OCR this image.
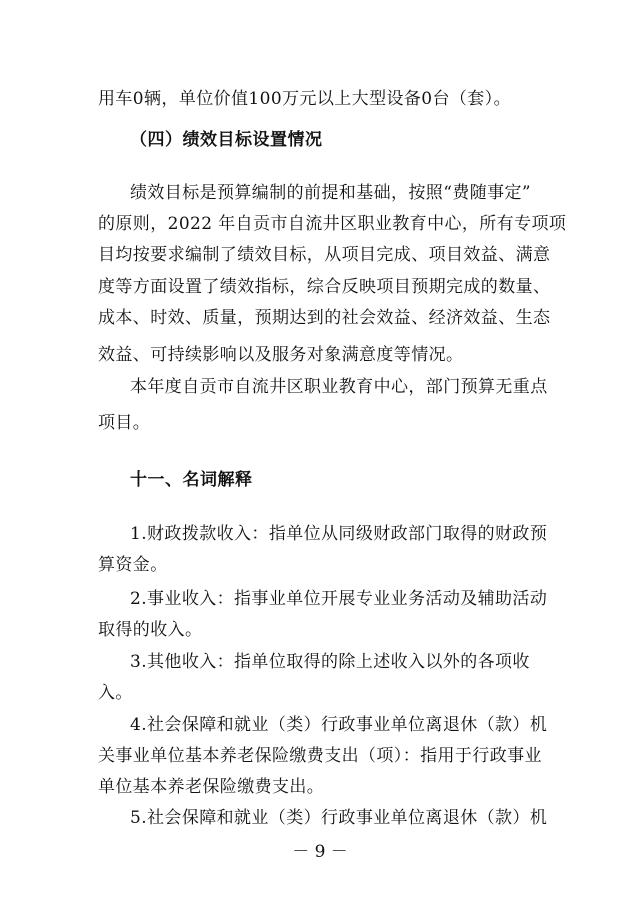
用车0辆，单位价值100万元以上大型设备0台（套）。
（四）绩效目标设置情况
绩效目标是预算编制的前提和基础，按照“费随事定”
的原则，2022 年自贡市自流井区职业教育中心，所有专项项
目均按要求编制了绩效目标，从项目完成、项目效益、满意
度等方面设置了绩效指标，综合反映项目预期完成的数量、
成本、时效、质量，预期达到的社会效益、经济效益、生态
效益、可持续影响以及服务对象满意度等情况。
本年度自贡市自流井区职业教育中心，部门预算无重点
项目。
十一、名词解释
1.财政拨款收入：指单位从同级财政部门取得的财政预
算资金。
2.事业收入：指事业单位开展专业业务活动及辅助活动
取得的收入。
3.其他收入：指单位取得的除上述收入以外的各项收
入。
4.社会保障和就业（类）行政事业单位离退休（款）机
关事业单位基本养老保险缴费支出（项）：指用于行政事业
单位基本养老保险缴费支出。
5.社会保障和就业（类）行政事业单位离退休（款）机
－ 9 －
